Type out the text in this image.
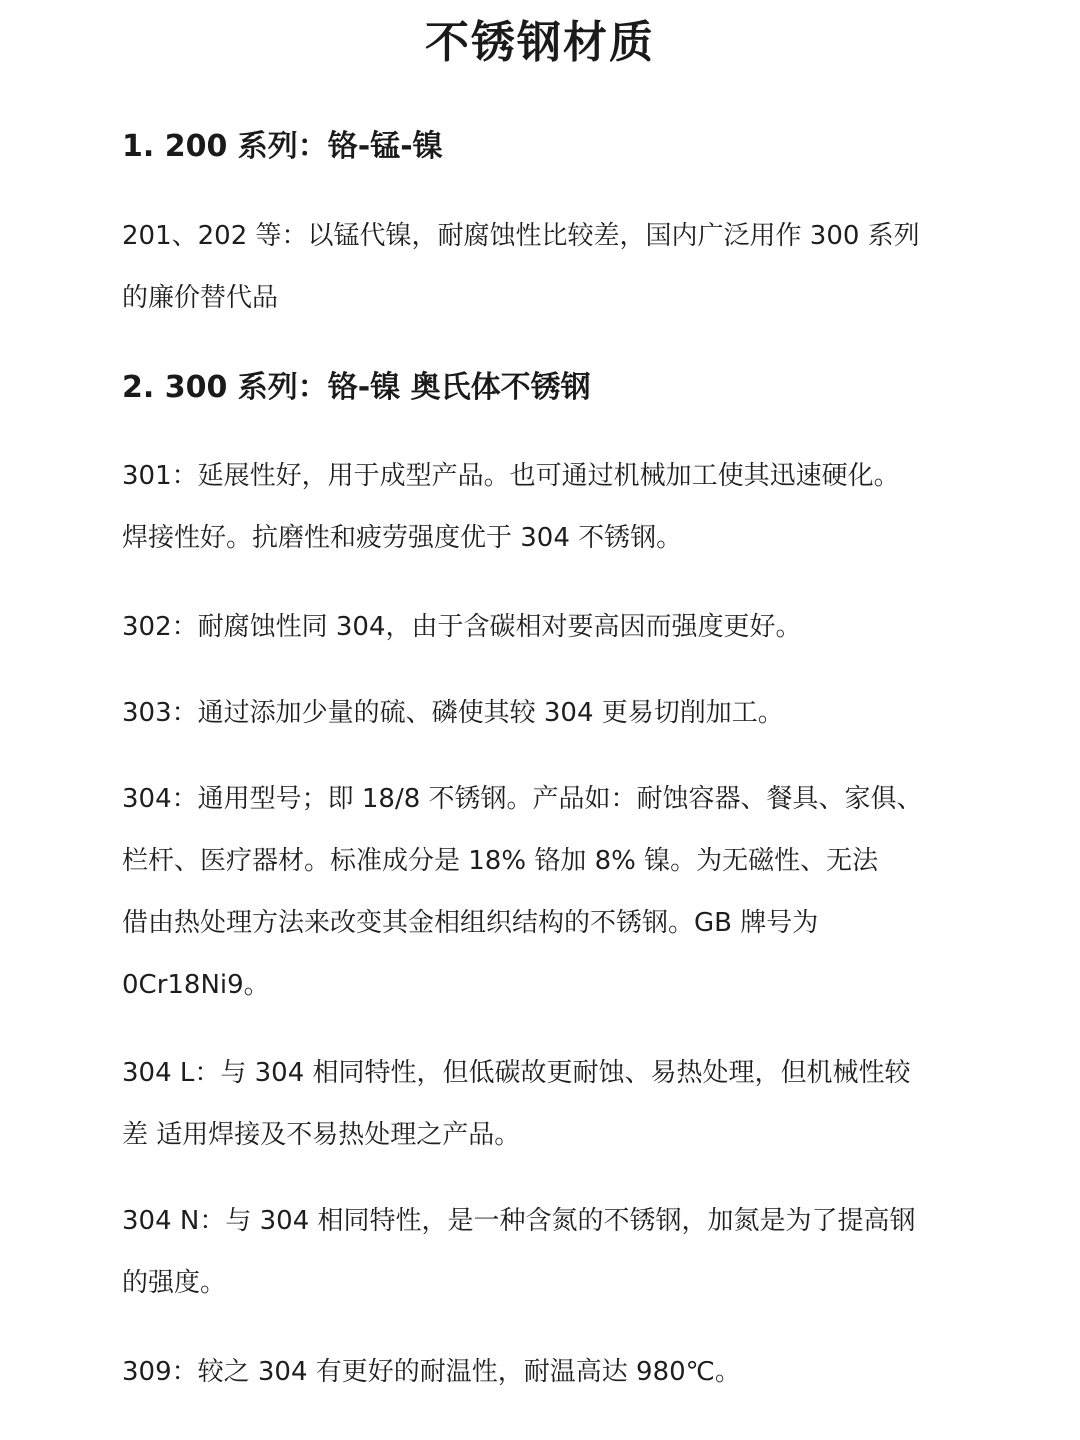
不锈钢材质
1. 200 系列：铬-锰-镍

201、202 等：以锰代镍，耐腐蚀性比较差，国内广泛用作 300 系列
的廉价替代品

2. 300 系列：铬-镍 奥氏体不锈钢

301：延展性好，用于成型产品。也可通过机械加工使其迅速硬化。
焊接性好。抗磨性和疲劳强度优于 304 不锈钢。

302：耐腐蚀性同 304，由于含碳相对要高因而强度更好。

303：通过添加少量的硫、磷使其较 304 更易切削加工。

304：通用型号；即 18/8 不锈钢。产品如：耐蚀容器、餐具、家俱、
栏杆、医疗器材。标准成分是 18% 铬加 8% 镍。为无磁性、无法
借由热处理方法来改变其金相组织结构的不锈钢。GB 牌号为
0Cr18Ni9。

304 L：与 304 相同特性，但低碳故更耐蚀、易热处理，但机械性较
差 适用焊接及不易热处理之产品。

304 N：与 304 相同特性，是一种含氮的不锈钢，加氮是为了提高钢
的强度。

309：较之 304 有更好的耐温性，耐温高达 980℃。
